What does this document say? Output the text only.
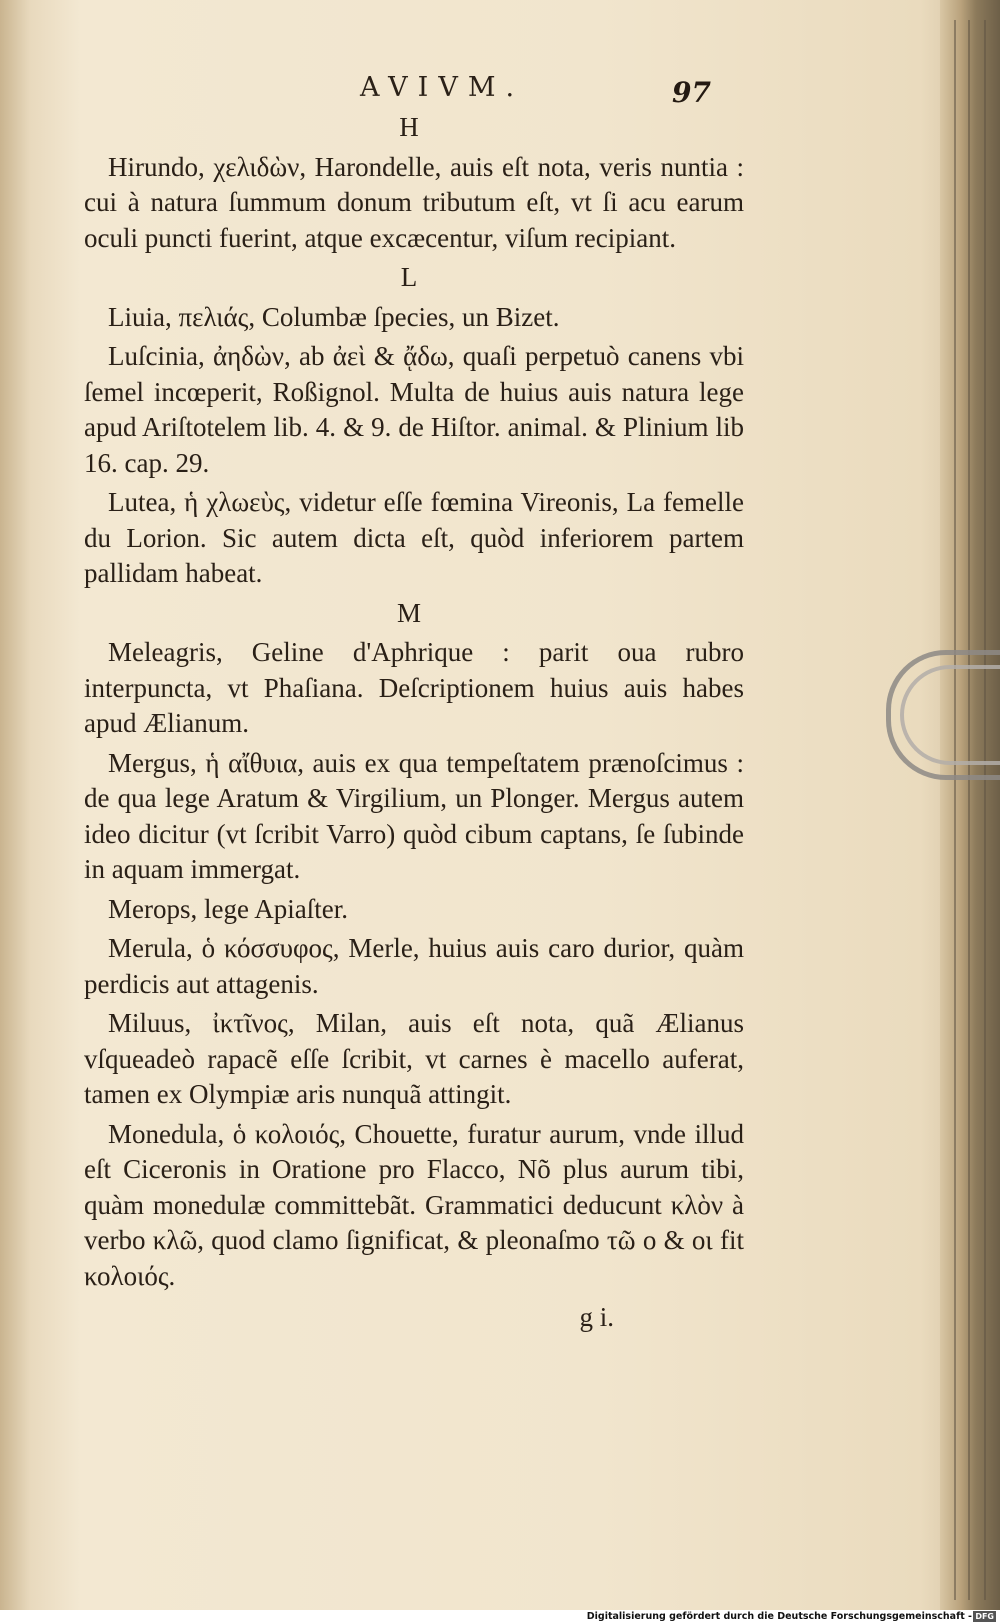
AVIVM.	97
H

Hirundo, χελιδὼν, Harondelle, auis eſt nota, veris nuntia : cui à natura ſummum donum tributum eſt, vt ſi acu earum oculi puncti fuerint, atque excæcentur, viſum recipiant.

L

Liuia, πελιάς, Columbæ ſpecies, un Bizet.

Luſcinia, ἀηδὼν, ab ἀεὶ & ᾄδω, quaſi perpetuò canens vbi ſemel incœperit, Roßignol. Multa de huius auis natura lege apud Ariſtotelem lib. 4. & 9. de Hiſtor. animal. & Plinium lib 16. cap. 29.

Lutea, ἡ χλωεὺς, videtur eſſe fœmina Vireonis, La femelle du Lorion. Sic autem dicta eſt, quòd inferiorem partem pallidam habeat.

M

Meleagris, Geline d'Aphrique : parit oua rubro interpuncta, vt Phaſiana. Deſcriptionem huius auis habes apud Ælianum.

Mergus, ἡ αἴθυια, auis ex qua tempeſtatem prænoſcimus : de qua lege Aratum & Virgilium, un Plonger. Mergus autem ideo dicitur (vt ſcribit Varro) quòd cibum captans, ſe ſubinde in aquam immergat.

Merops, lege Apiaſter.

Merula, ὁ κόσσυφος, Merle, huius auis caro durior, quàm perdicis aut attagenis.

Miluus, ἰκτῖνος, Milan, auis eſt nota, quã Ælianus vſqueadeò rapacẽ eſſe ſcribit, vt carnes è macello auferat, tamen ex Olympiæ aris nunquã attingit.

Monedula, ὁ κολοιός, Chouette, furatur aurum, vnde illud eſt Ciceronis in Oratione pro Flacco, Nõ plus aurum tibi, quàm monedulæ committebãt. Grammatici deducunt κλὸν à verbo κλῶ, quod clamo ſignificat, & pleonaſmo τῶ ο & οι fit κολοιός.

g i.
Digitalisierung gefördert durch die Deutsche Forschungsgemeinschaft - DFG
